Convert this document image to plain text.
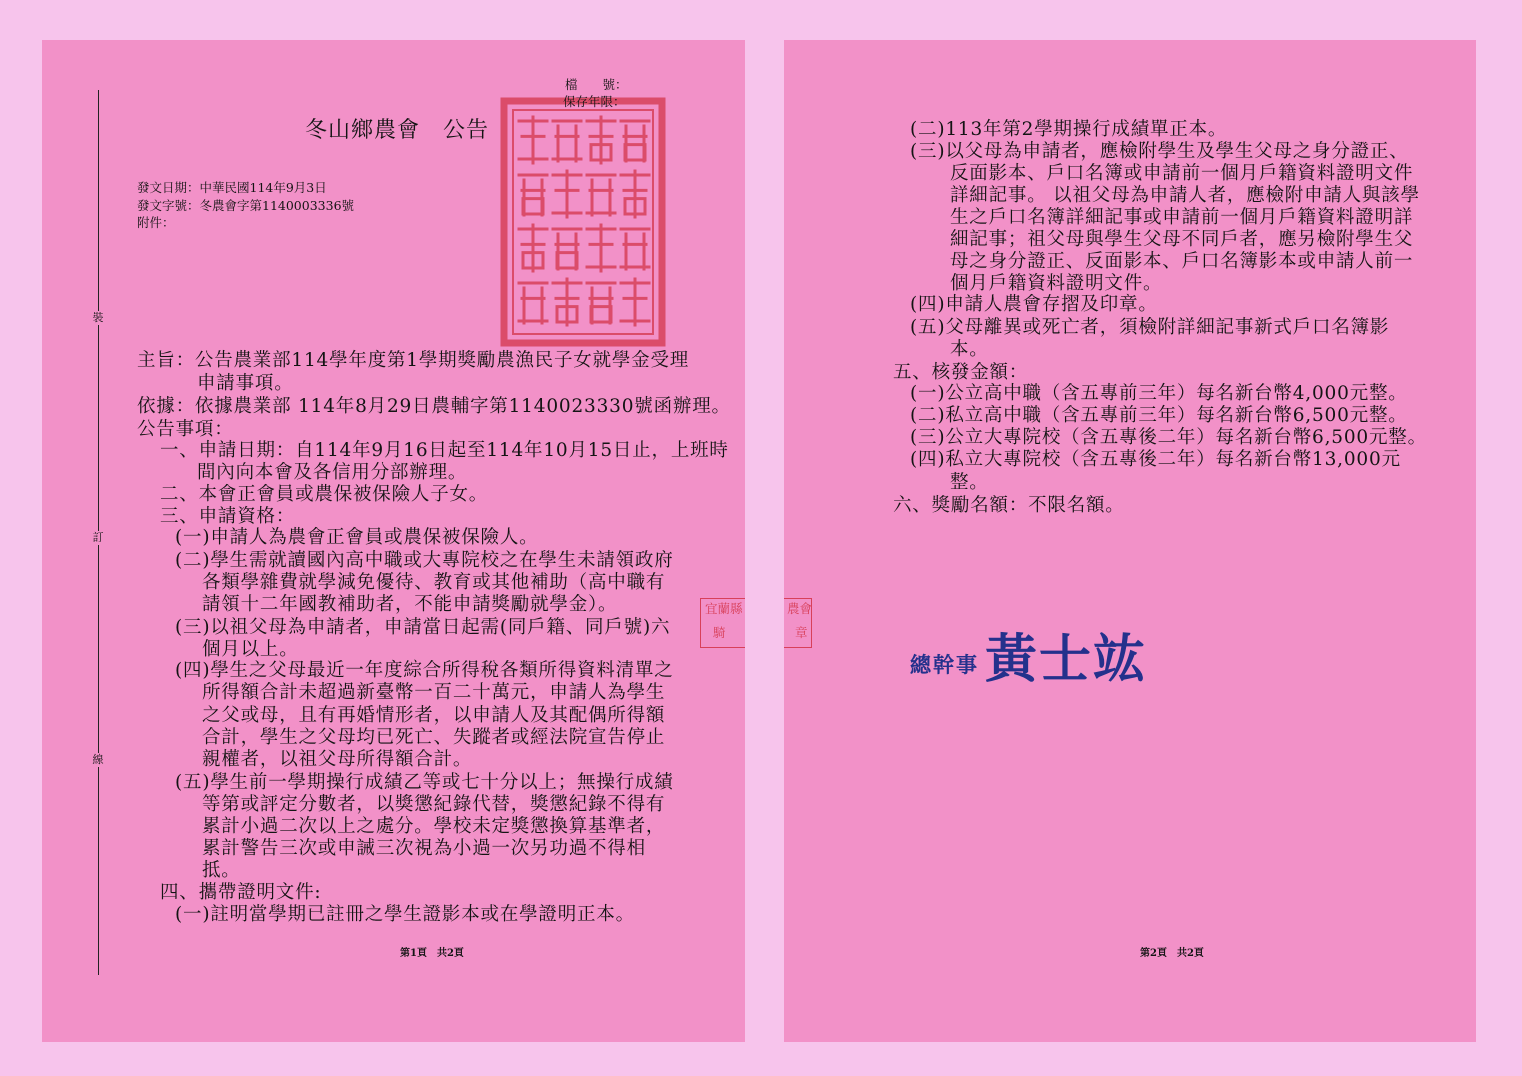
裝
訂
線
檔　　號：
保存年限：
冬山鄉農會　公告
發文日期：中華民國114年9月3日
發文字號：冬農會字第1140003336號
附件：
主旨：公告農業部114學年度第1學期獎勵農漁民子女就學金受理
申請事項。
依據：依據農業部 114年8月29日農輔字第1140023330號函辦理。
公告事項：
一、申請日期：自114年9月16日起至114年10月15日止，上班時
間內向本會及各信用分部辦理。
二、本會正會員或農保被保險人子女。
三、申請資格：
(一)申請人為農會正會員或農保被保險人。
(二)學生需就讀國內高中職或大專院校之在學生未請領政府
各類學雜費就學減免優待、教育或其他補助（高中職有
請領十二年國教補助者，不能申請獎勵就學金）。
(三)以祖父母為申請者，申請當日起需(同戶籍、同戶號)六
個月以上。
(四)學生之父母最近一年度綜合所得稅各類所得資料清單之
所得額合計未超過新臺幣一百二十萬元，申請人為學生
之父或母，且有再婚情形者，以申請人及其配偶所得額
合計，學生之父母均已死亡、失蹤者或經法院宣告停止
親權者，以祖父母所得額合計。
(五)學生前一學期操行成績乙等或七十分以上；無操行成績
等第或評定分數者，以獎懲紀錄代替，獎懲紀錄不得有
累計小過二次以上之處分。學校未定獎懲換算基準者，
累計警告三次或申誡三次視為小過一次另功過不得相
抵。
四、攜帶證明文件:
(一)註明當學期已註冊之學生證影本或在學證明正本。
宜蘭縣
騎
第1頁　共2頁
農會
章
(二)113年第2學期操行成績單正本。
(三)以父母為申請者，應檢附學生及學生父母之身分證正、
反面影本、戶口名簿或申請前一個月戶籍資料證明文件
詳細記事。 以祖父母為申請人者，應檢附申請人與該學
生之戶口名簿詳細記事或申請前一個月戶籍資料證明詳
細記事；祖父母與學生父母不同戶者，應另檢附學生父
母之身分證正、反面影本、戶口名簿影本或申請人前一
個月戶籍資料證明文件。
(四)申請人農會存摺及印章。
(五)父母離異或死亡者，須檢附詳細記事新式戶口名簿影
本。
五、核發金額：
(一)公立高中職（含五專前三年）每名新台幣4,000元整。
(二)私立高中職（含五專前三年）每名新台幣6,500元整。
(三)公立大專院校（含五專後二年）每名新台幣6,500元整。
(四)私立大專院校（含五專後二年）每名新台幣13,000元
整。
六、獎勵名額：不限名額。
總幹事 黃士竑
第2頁　共2頁
